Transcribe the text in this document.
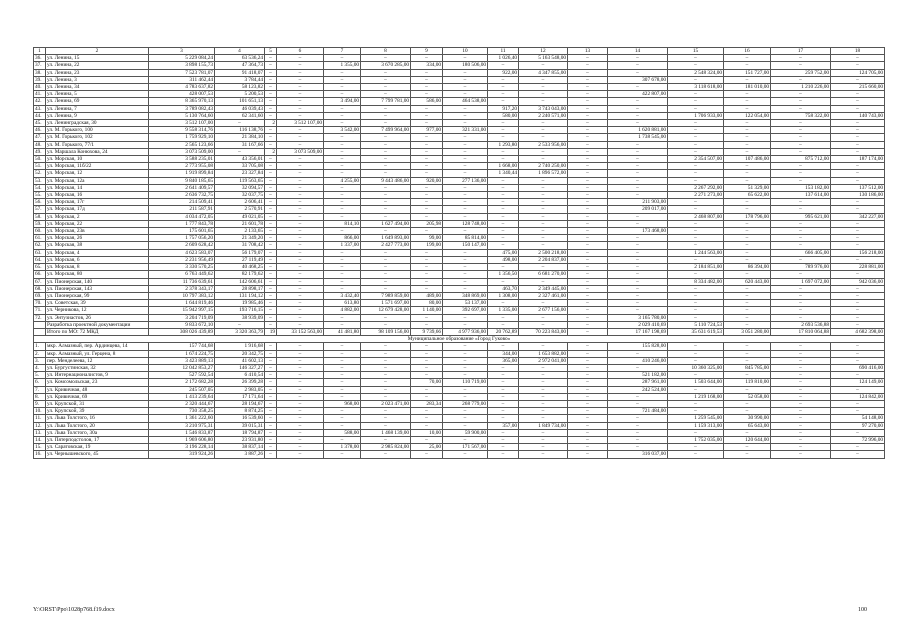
1	2	3	4	5	6	7	8	9	10	11	12	13	14	15	16	17	18
36.	ул. Ленина, 15	5 229 084,24	63 536,24	–	–	–	–	–	–	1 026,40	5 163 548,00	–	–	–	–	–	–
37.	ул. Ленина, 22	3 898 155,73	47 364,73	–	–	1 355,00	3 670 285,00	334,00	180 506,00	–	–	–	–	–	–	–	–
38.	ул. Ленина, 23	7 523 781,07	91 418,07	–	–	–	–	–	–	922,00	4 347 855,00	–	–	2 548 324,00	151 727,00	259 752,00	124 705,00
39.	ул. Ленина, 3	311 462,44	3 784,44	–	–	–	–	–	–	–	–	–	307 678,00	–	–	–	–
40.	ул. Ленина, 34	4 783 637,82	58 123,82	–	–	–	–	–	–	–	–	–	–	3 118 618,00	181 010,00	1 210 226,00	215 660,00
41.	ул. Ленина, 5	428 007,53	5 200,53	–	–	–	–	–	–	–	–	–	422 807,00	–	–	–	–
42.	ул. Ленина, 69	8 365 970,13	101 651,13	–	–	3 494,00	7 799 781,00	586,00	464 538,00	–	–	–	–	–	–	–	–
43.	ул. Ленина, 7	3 789 082,43	46 039,43	–	–	–	–	–	–	917,20	3 743 043,00	–	–	–	–	–	–
44.	ул. Ленина, 9	5 130 764,60	62 341,60	–	–	–	–	–	–	580,00	2 240 571,00	–	–	1 706 933,00	122 054,00	758 322,00	140 743,00
45.	ул. Ленинградская, 30	3 512 107,00	–	2	3 512 107,00	–	–	–	–	–	–	–	–	–	–	–	–
46.	ул. М. Горького, 100	9 558 314,76	116 138,76	–	–	3 542,00	7 499 964,00	977,00	321 331,00	–	–	–	1 620 881,00	–	–	–	–
47.	ул. М. Горького, 102	1 759 929,10	21 384,10	–	–	–	–	–	–	–	–	–	1 738 545,00	–	–	–	–
48.	ул. М. Горького, 77/1	2 565 123,66	31 167,66	–	–	–	–	–	–	1 293,80	2 533 956,00	–	–	–	–	–	–
49.	ул. Маршала Конюхова, 24	3 073 509,00	–	2	3 073 509,00	–	–	–	–	–	–	–	–	–	–	–	–
50.	ул. Морская, 10	3 588 235,01	43 356,01	–	–	–	–	–	–	–	–	–	–	2 354 507,00	107 486,00	875 712,00	187 174,00
51.	ул. Морская, 11б/22	2 773 955,08	33 705,08	–	–	–	–	–	–	1 668,00	2 740 250,00	–	–	–	–	–	–
52.	ул. Морская, 12	1 919 899,84	23 327,84	–	–	–	–	–	–	1 340,44	1 896 572,00	–	–	–	–	–	–
53.	ул. Морская, 12а	9 840 185,65	119 563,65	–	–	4 255,00	9 443 486,00	920,00	277 136,00	–	–	–	–	–	–	–	–
54.	ул. Морская, 14	2 641 409,57	32 094,57	–	–	–	–	–	–	–	–	–	–	2 267 292,00	51 329,00	153 182,00	137 512,00
55.	ул. Морская, 16	2 636 732,75	32 037,75	–	–	–	–	–	–	–	–	–	–	2 271 273,00	65 622,00	137 614,00	130 186,00
56.	ул. Морская, 17г	214 509,41	2 606,41	–	–	–	–	–	–	–	–	–	211 903,00	–	–	–	–
57.	ул. Морская, 17д	211 587,91	2 570,91	–	–	–	–	–	–	–	–	–	209 017,00	–	–	–	–
58.	ул. Морская, 2	4 034 472,05	49 021,05	–	–	–	–	–	–	–	–	–	–	2 468 807,00	178 796,00	995 621,00	342 227,00
59.	ул. Морская, 22	1 777 843,78	21 601,78	–	–	814,10	1 627 494,00	205,98	128 748,00	–	–	–	–	–	–	–	–
60.	ул. Морская, 23в	175 601,65	2 133,65	–	–	–	–	–	–	–	–	–	173 468,00	–	–	–	–
61.	ул. Морская, 26	1 757 056,20	21 349,20	–	–	866,00	1 649 893,00	99,00	85 814,00	–	–	–	–	–	–	–	–
62.	ул. Морская, 38	2 609 628,42	31 708,42	–	–	1 337,00	2 427 773,00	199,00	150 147,00	–	–	–	–	–	–	–	–
63.	ул. Морская, 4	4 623 583,07	56 179,07	–	–	–	–	–	–	475,00	2 500 218,00	–	–	1 244 563,00	–	666 405,00	156 218,00
64.	ул. Морская, 6	2 231 956,49	27 119,49	–	–	–	–	–	–	498,00	2 204 837,00	–	–	–	–	–	–
65.	ул. Морская, 8	3 330 570,25	40 468,25	–	–	–	–	–	–	–	–	–	–	2 184 851,00	86 394,00	789 976,00	228 881,00
66.	ул. Морская, 80	6 763 449,62	82 179,62	–	–	–	–	–	–	1 356,50	6 681 270,00	–	–	–	–	–	–
67.	ул. Пионерская, 140	11 736 639,61	142 606,61	–	–	–	–	–	–	–	–	–	–	8 334 482,00	620 443,00	1 697 072,00	942 036,00
68.	ул. Пионерская, 143	2 378 343,17	28 898,17	–	–	–	–	–	–	463,70	2 349 445,00	–	–	–	–	–	–
69.	ул. Пионерская, 99	10 797 383,12	131 194,12	–	–	3 432,40	7 989 859,00	489,00	348 869,00	1 308,00	2 327 461,00	–	–	–	–	–	–
70.	ул. Советская, 39	1 644 819,46	19 985,46	–	–	613,80	1 571 697,00	80,00	53 137,00	–	–	–	–	–	–	–	–
71.	ул. Черникова, 12	15 942 997,15	193 716,15	–	–	4 882,00	12 679 428,00	1 140,00	392 697,00	1 335,00	2 677 156,00	–	–	–	–	–	–
72.	ул. Энтузиастов, 26	3 204 719,09	38 939,09	–	–	–	–	–	–	–	–	–	3 165 780,00	–	–	–	–
	Разработка проектной документации	9 833 672,10	–	–	–	–	–	–	–	–	–	–	2 029 410,69	5 110 724,53	–	2 693 536,88	–
	Итого по МО: 72 МКД	308 026 439,89	3 320 363,79	19	33 152 563,00	41 481,80	98 109 156,00	9 739,66	4 977 936,00	20 762,89	70 223 843,00	–	17 167 198,69	35 631 619,53	3 051 280,00	17 810 064,88	4 682 398,00
Муниципальное образование «Город Гуково»																	
1.	мкр. Алмазный, пер. Ардинцева, 14	157 744,68	1 916,68	–	–	–	–	–	–	–	–	–	155 828,00	–	–	–	–
2.	мкр. Алмазный, ул. Герцена, 8	1 674 224,75	20 342,75	–	–	–	–	–	–	344,00	1 653 882,00	–	–	–	–	–	–
3.	пер. Менделеева, 12	3 423 889,13	41 602,13	–	–	–	–	–	–	365,00	2 972 041,00	–	410 246,00	–	–	–	–
4.	ул. Бургустинская, 32	12 042 853,27	146 327,27	–	–	–	–	–	–	–	–	–	–	10 360 325,00	845 785,00	–	690 416,00
5.	ул. Интернационалистов, 9	527 592,54	6 410,54	–	–	–	–	–	–	–	–	–	521 182,00	–	–	–	–
6.	ул. Комсомольская, 23	2 172 682,28	26 399,28	–	–	–	–	70,00	110 719,00	–	–	–	287 961,00	1 503 644,00	119 810,00	–	124 149,00
7.	ул. Кривичная, 48	245 507,05	2 983,05	–	–	–	–	–	–	–	–	–	242 524,00	–	–	–	–
8.	ул. Кривичная, 69	1 413 239,64	17 171,64	–	–	–	–	–	–	–	–	–	–	1 219 168,00	52 058,00	–	124 842,00
9.	ул. Крупской, 31	2 320 444,67	28 194,67	–	–	968,00	2 023 471,00	283,34	268 779,00	–	–	–	–	–	–	–	–
10.	ул. Крупской, 39	730 358,25	8 874,25	–	–	–	–	–	–	–	–	–	721 484,00	–	–	–	–
11.	ул. Льва Толстого, 16	1 361 222,60	16 539,60	–	–	–	–	–	–	–	–	–	–	1 259 545,00	30 990,00	–	54 148,00
12.	ул. Льва Толстого, 20	3 210 975,31	39 015,31	–	–	–	–	–	–	357,00	1 849 734,00	–	–	1 159 313,00	65 643,00	–	97 270,00
13.	ул. Льва Толстого, 30а	1 546 833,87	18 794,87	–	–	588,00	1 468 139,00	10,00	59 900,00	–	–	–	–	–	–	–	–
14.	ул. Пятерподстолов, 17	1 969 606,80	23 931,80	–	–	–	–	–	–	–	–	–	–	1 752 035,00	120 644,00	–	72 996,00
15.	ул. Саратовская, 19	3 196 228,14	38 837,14	–	–	1 378,00	2 985 824,00	25,00	171 567,00	–	–	–	–	–	–	–	–
16.	ул. Чернышевского, 45	319 924,26	3 887,26	–	–	–	–	–	–	–	–	–	316 037,00	–	–	–	–
Y:\ORST\Ppo\1028p768.f19.docx	100
